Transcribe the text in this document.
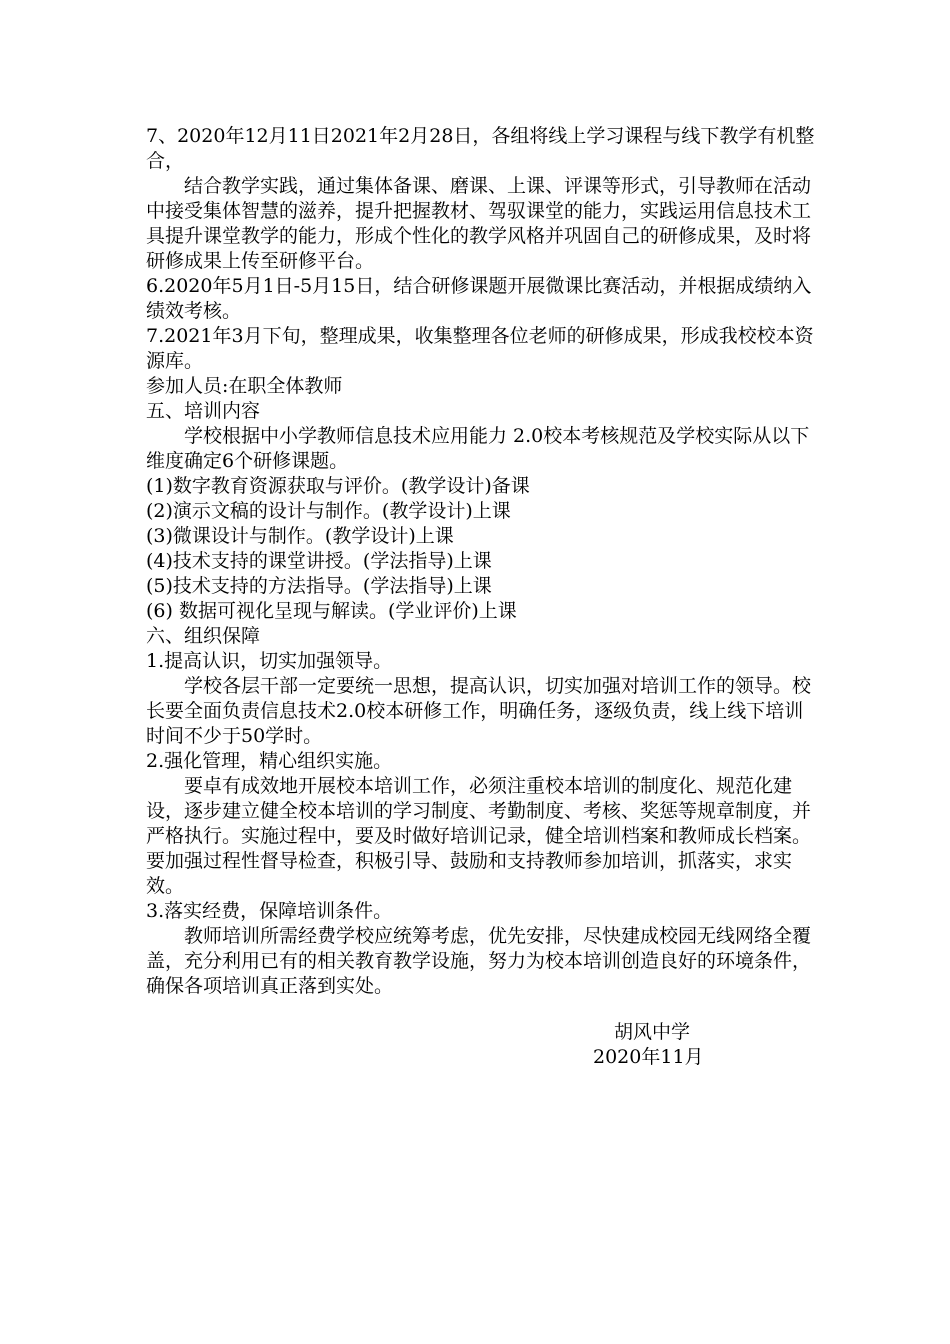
7、2020年12月11日2021年2月28日，各组将线上学习课程与线下教学有机整合，

结合教学实践，通过集体备课、磨课、上课、评课等形式，引导教师在活动中接受集体智慧的滋养，提升把握教材、驾驭课堂的能力，实践运用信息技术工具提升课堂教学的能力，形成个性化的教学风格并巩固自己的研修成果，及时将研修成果上传至研修平台。

6.2020年5月1日-5月15日，结合研修课题开展微课比赛活动，并根据成绩纳入绩效考核。

7.2021年3月下旬，整理成果，收集整理各位老师的研修成果，形成我校校本资源库。

参加人员:在职全体教师

五、培训内容

学校根据中小学教师信息技术应用能力 2.0校本考核规范及学校实际从以下维度确定6个研修课题。

(1)数字教育资源获取与评价。(教学设计)备课

(2)演示文稿的设计与制作。(教学设计)上课

(3)微课设计与制作。(教学设计)上课

(4)技术支持的课堂讲授。(学法指导)上课

(5)技术支持的方法指导。(学法指导)上课

(6) 数据可视化呈现与解读。(学业评价)上课

六、组织保障

1.提高认识，切实加强领导。

学校各层干部一定要统一思想，提高认识，切实加强对培训工作的领导。校长要全面负责信息技术2.0校本研修工作，明确任务，逐级负责，线上线下培训时间不少于50学时。

2.强化管理，精心组织实施。

要卓有成效地开展校本培训工作，必须注重校本培训的制度化、规范化建设，逐步建立健全校本培训的学习制度、考勤制度、考核、奖惩等规章制度，并严格执行。实施过程中，要及时做好培训记录，健全培训档案和教师成长档案。要加强过程性督导检查，积极引导、鼓励和支持教师参加培训，抓落实，求实效。

3.落实经费，保障培训条件。

教师培训所需经费学校应统筹考虑，优先安排，尽快建成校园无线网络全覆盖，充分利用已有的相关教育教学设施，努力为校本培训创造良好的环境条件，确保各项培训真正落到实处。

胡风中学
2020年11月
